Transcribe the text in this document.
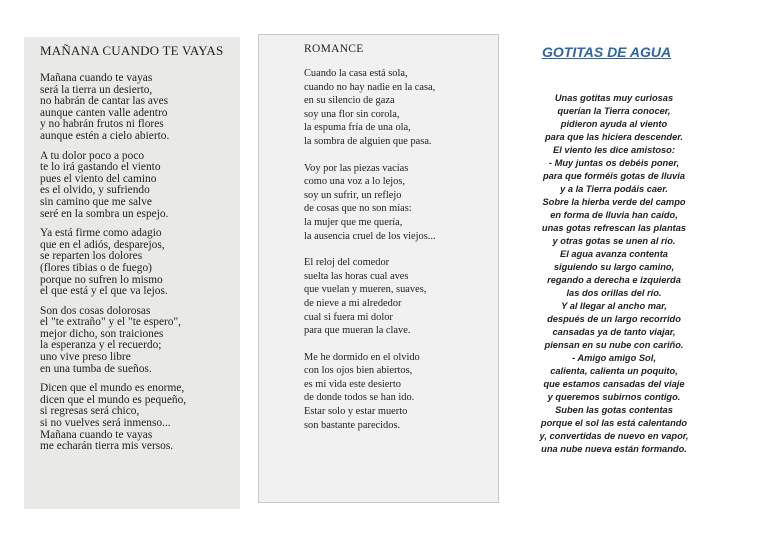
MAÑANA CUANDO TE VAYAS
Mañana cuando te vayas
será la tierra un desierto,
no habrán de cantar las aves
aunque canten valle adentro
y no habrán frutos ni flores
aunque estén a cielo abierto.
A tu dolor poco a poco
te lo irá gastando el viento
pues el viento del camino
es el olvido, y sufriendo
sin camino que me salve
seré en la sombra un espejo.
Ya está firme como adagio
que en el adiós, desparejos,
se reparten los dolores
(flores tibias o de fuego)
porque no sufren lo mismo
el que está y el que va lejos.
Son dos cosas dolorosas
el "te extraño" y el "te espero",
mejor dicho, son traiciones
la esperanza y el recuerdo;
uno vive preso libre
en una tumba de sueños.
Dicen que el mundo es enorme,
dicen que el mundo es pequeño,
si regresas será chico,
si no vuelves será inmenso...
Mañana cuando te vayas
me echarán tierra mis versos.
ROMANCE
Cuando la casa está sola,
cuando no hay nadie en la casa,
en su silencio de gaza
soy una flor sin corola,
la espuma fría de una ola,
la sombra de alguien que pasa.
Voy por las piezas vacías
como una voz a lo lejos,
soy un sufrir, un reflejo
de cosas que no son mías:
la mujer que me quería,
la ausencia cruel de los viejos...
El reloj del comedor
suelta las horas cual aves
que vuelan y mueren, suaves,
de nieve a mi alrededor
cual si fuera mi dolor
para que mueran la clave.
Me he dormido en el olvido
con los ojos bien abiertos,
es mi vida este desierto
de donde todos se han ido.
Estar solo y estar muerto
son bastante parecidos.
GOTITAS DE AGUA
Unas gotitas muy curiosas
querían la Tierra conocer,
pidieron ayuda al viento
para que las hiciera descender.
El viento les dice amistoso:
- Muy juntas os debéis poner,
para que forméis gotas de lluvia
y a la Tierra podáis caer.
Sobre la hierba verde del campo
en forma de lluvia han caído,
unas gotas refrescan las plantas
y otras gotas se unen al río.
El agua avanza contenta
siguiendo su largo camino,
regando a derecha e izquierda
las dos orillas del río.
Y al llegar al ancho mar,
después de un largo recorrido
cansadas ya de tanto viajar,
piensan en su nube con cariño.
- Amigo amigo Sol,
calienta, calienta un poquito,
que estamos cansadas del viaje
y queremos subirnos contigo.
Suben las gotas contentas
porque el sol las está calentando
y, convertidas de nuevo en vapor,
una nube nueva están formando.
